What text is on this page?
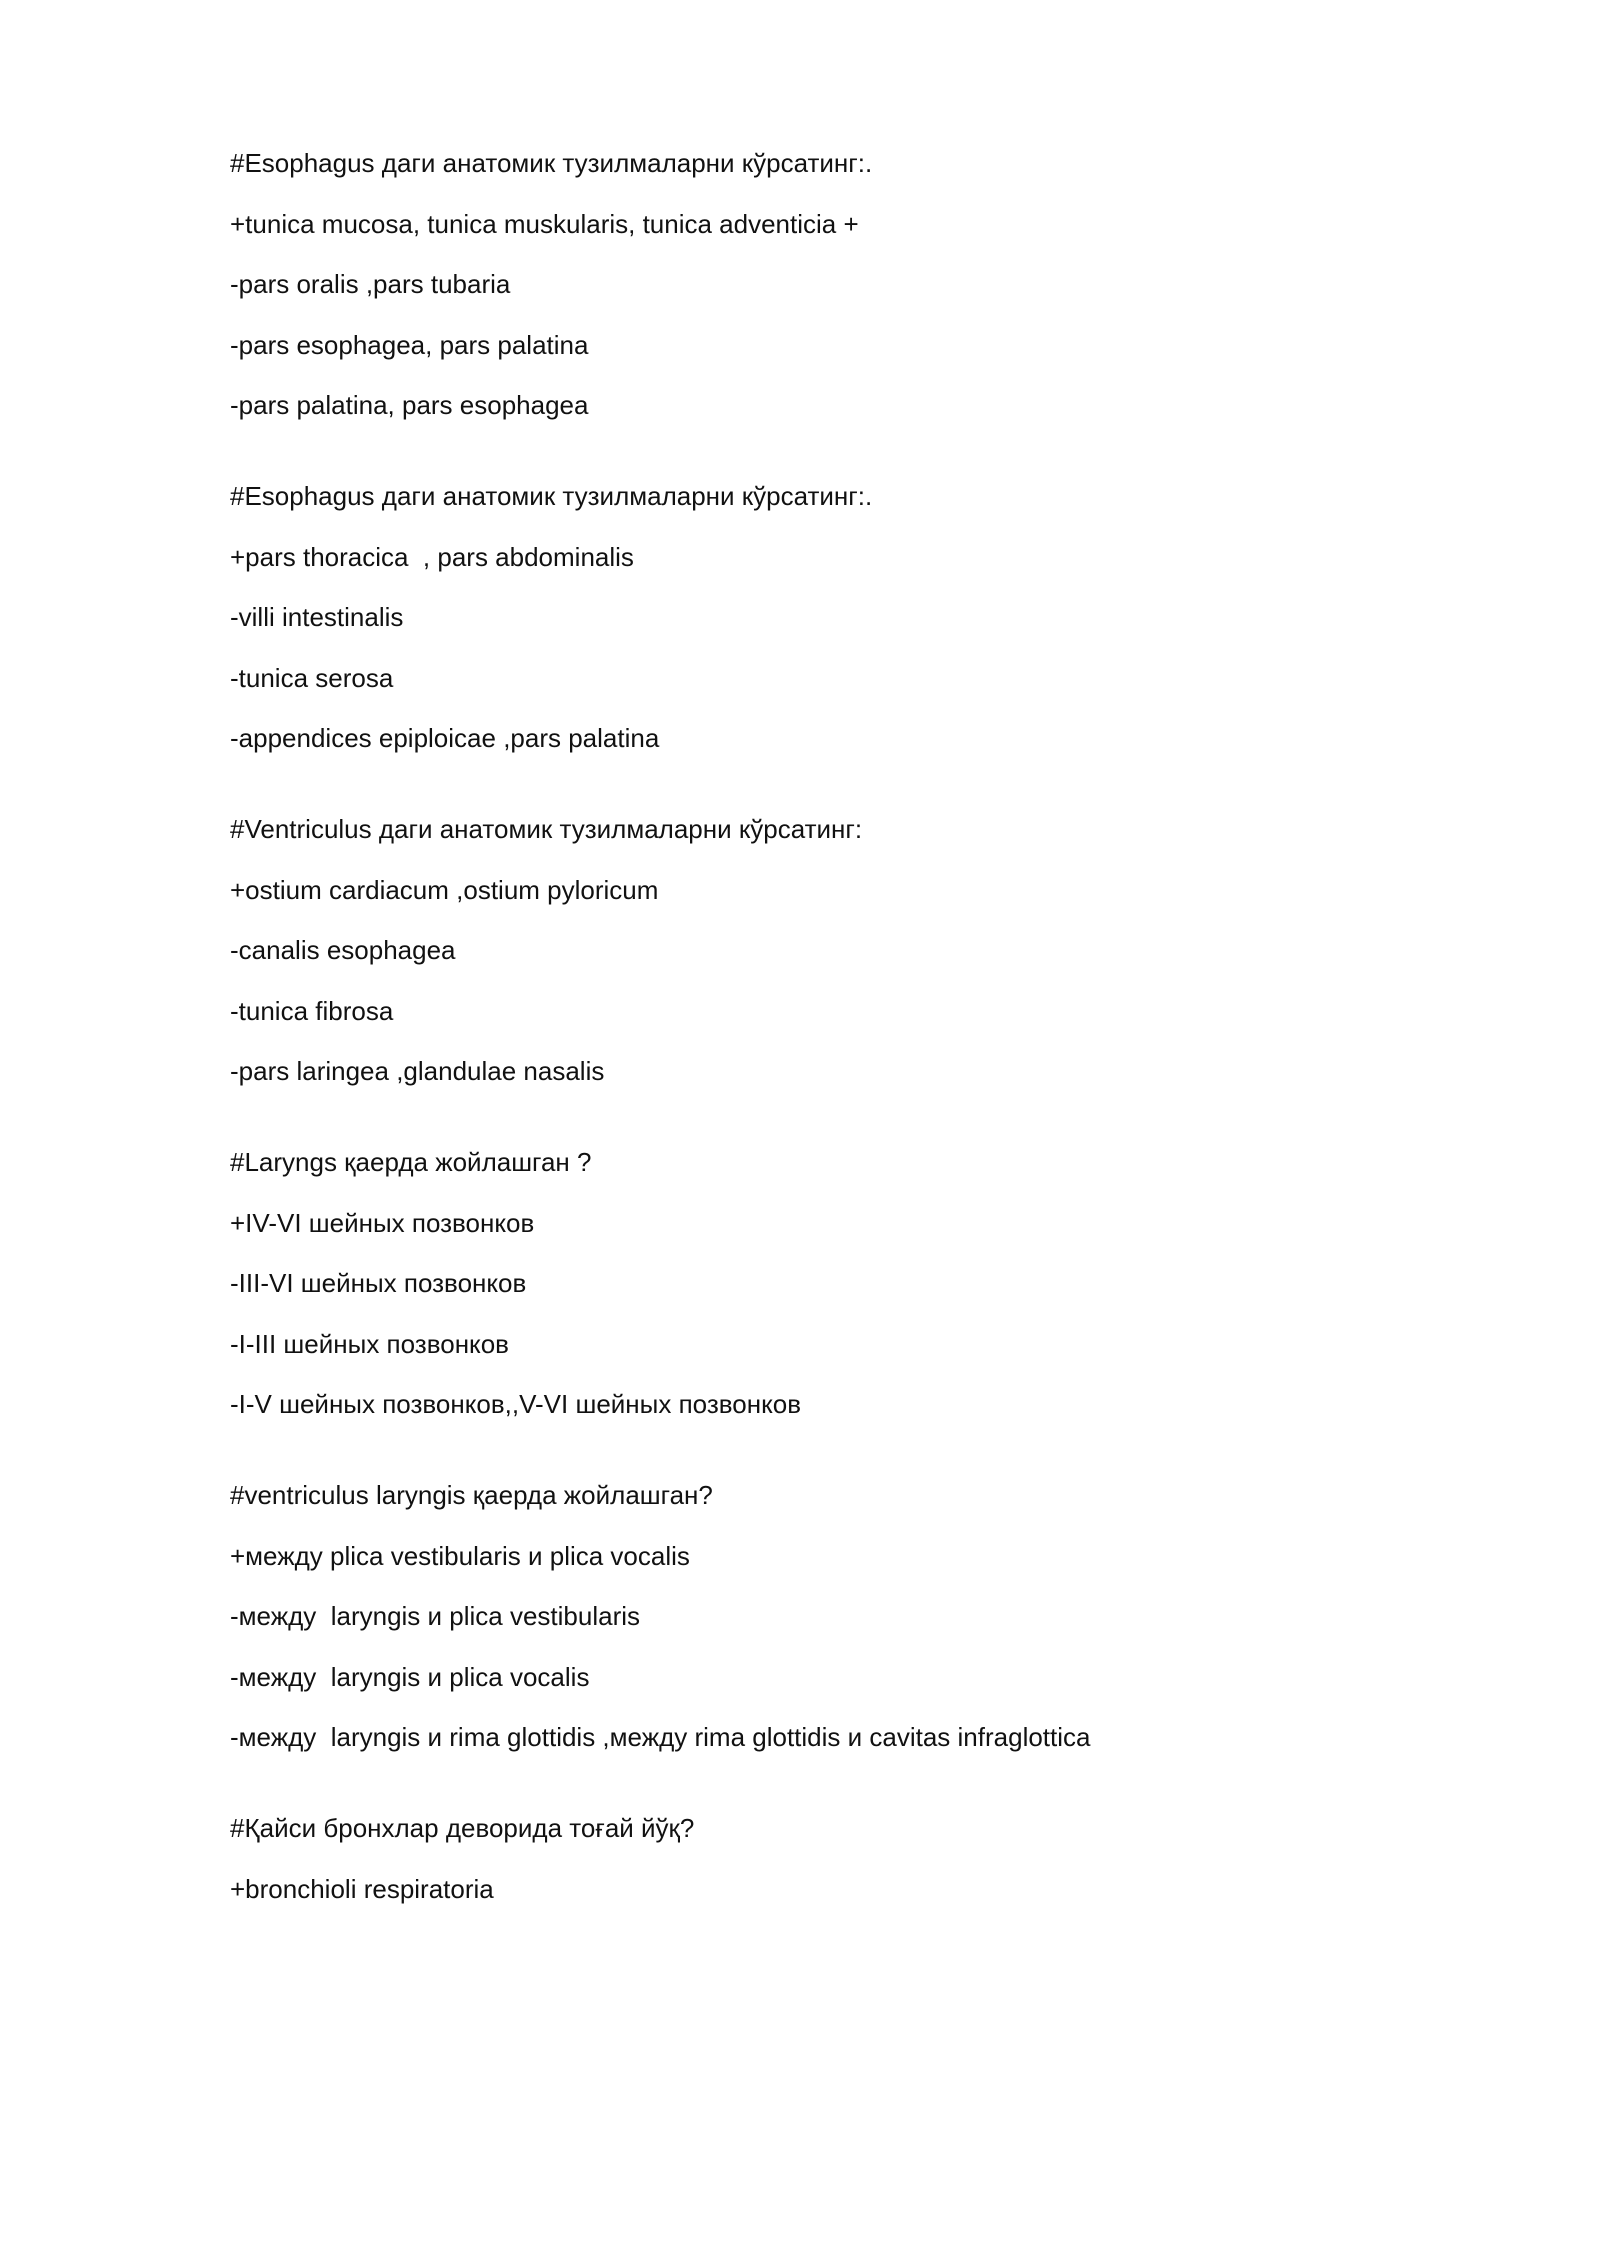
#Esophagus даги анатомик тузилмаларни кўрсатинг:.
+tunica mucosa, tunica muskularis, tunica adventicia +
-pars oralis ,pars tubaria
-pars esophagea, pars palatina
-pars palatina, pars esophagea
#Esophagus даги анатомик тузилмаларни кўрсатинг:.
+pars thoracica  , pars abdominalis
-villi intestinalis
-tunica serosa
-appendices epiploicae ,pars palatina
#Ventriculus даги анатомик тузилмаларни кўрсатинг:
+ostium cardiacum ,ostium pyloricum
-canalis esophagea
-tunica fibrosa
-pars laringea ,glandulae nasalis
#Laryngs қаерда жойлашган ?
+IV-VI шейных позвонков
-III-VI шейных позвонков
-I-III шейных позвонков
-I-V шейных позвонков,,V-VI шейных позвонков
#ventriculus laryngis қаерда жойлашган?
+между plica vestibularis и plica vocalis
-между  laryngis и plica vestibularis
-между  laryngis и plica vocalis
-между  laryngis и rima glottidis ,между rima glottidis и cavitas infraglottica
#Қайси бронхлар деворида тоғай йўқ?
+bronchioli respiratoria
